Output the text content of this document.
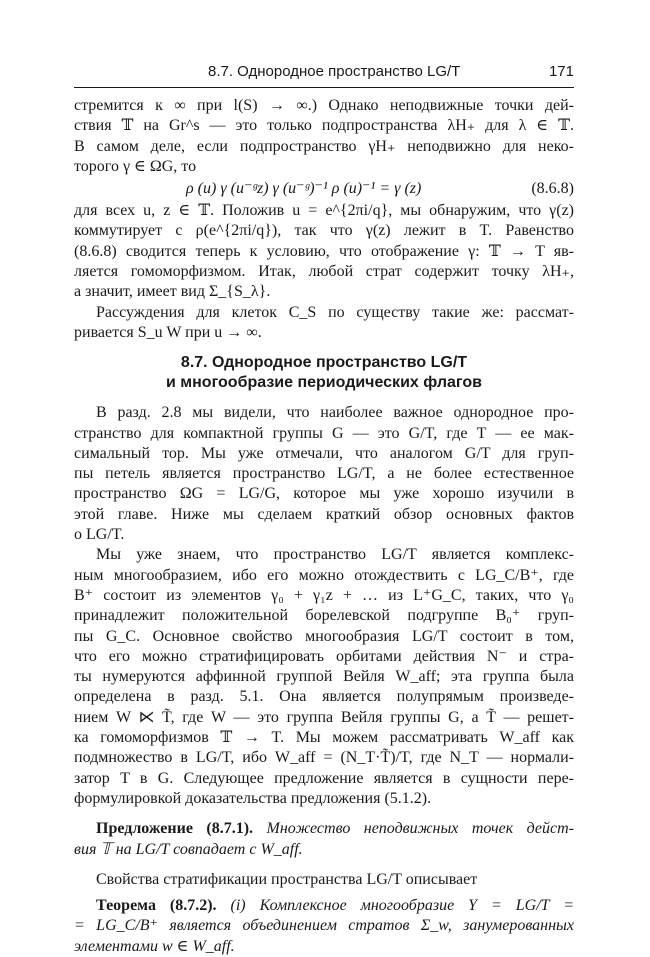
8.7. Однородное пространство LG/T	171
стремится к ∞ при l(S) → ∞.) Однако неподвижные точки дей-
ствия 𝕋 на Gr^s — это только подпространства λH₊ для λ ∈ 𝕋.
В самом деле, если подпространство γH₊ неподвижно для неко-
торого γ ∈ ΩG, то
ρ (u) γ (u⁻ᵍz) γ (u⁻ᵍ)⁻¹ ρ (u)⁻¹ = γ (z)	(8.6.8)
для всех u, z ∈ 𝕋. Положив u = e^{2πi/q}, мы обнаружим, что γ(z)
коммутирует с ρ(e^{2πi/q}), так что γ(z) лежит в T. Равенство
(8.6.8) сводится теперь к условию, что отображение γ: 𝕋 → T яв-
ляется гомоморфизмом. Итак, любой страт содержит точку λH₊,
а значит, имеет вид Σ_{S_λ}.
Рассуждения для клеток C_S по существу такие же: рассмат-
ривается S_u W при u → ∞.
8.7. Однородное пространство LG/T
и многообразие периодических флагов
В разд. 2.8 мы видели, что наиболее важное однородное про-
странство для компактной группы G — это G/T, где T — ее мак-
симальный тор. Мы уже отмечали, что аналогом G/T для груп-
пы петель является пространство LG/T, а не более естественное
пространство ΩG = LG/G, которое мы уже хорошо изучили в
этой главе. Ниже мы сделаем краткий обзор основных фактов
о LG/T.
Мы уже знаем, что пространство LG/T является комплекс-
ным многообразием, ибо его можно отождествить с LG_C/B⁺, где
B⁺ состоит из элементов γ₀ + γ₁z + … из L⁺G_C, таких, что γ₀
принадлежит положительной борелевской подгруппе B₀⁺ груп-
пы G_C. Основное свойство многообразия LG/T состоит в том,
что его можно стратифицировать орбитами действия N⁻ и стра-
ты нумеруются аффинной группой Вейля W_aff; эта группа была
определена в разд. 5.1. Она является полупрямым произведе-
нием W ⋉ T̃, где W — это группа Вейля группы G, а T̃ — решет-
ка гомоморфизмов 𝕋 → T. Мы можем рассматривать W_aff как
подмножество в LG/T, ибо W_aff = (N_T·T̃)/T, где N_T — нормали-
затор T в G. Следующее предложение является в сущности пере-
формулировкой доказательства предложения (5.1.2).
Предложение (8.7.1). Множество неподвижных точек дейст-
вия 𝕋 на LG/T совпадает с W_aff.
Свойства стратификации пространства LG/T описывает
Теорема (8.7.2). (i) Комплексное многообразие Y = LG/T =
= LG_C/B⁺ является объединением стратов Σ_w, занумерованных
элементами w ∈ W_aff.
